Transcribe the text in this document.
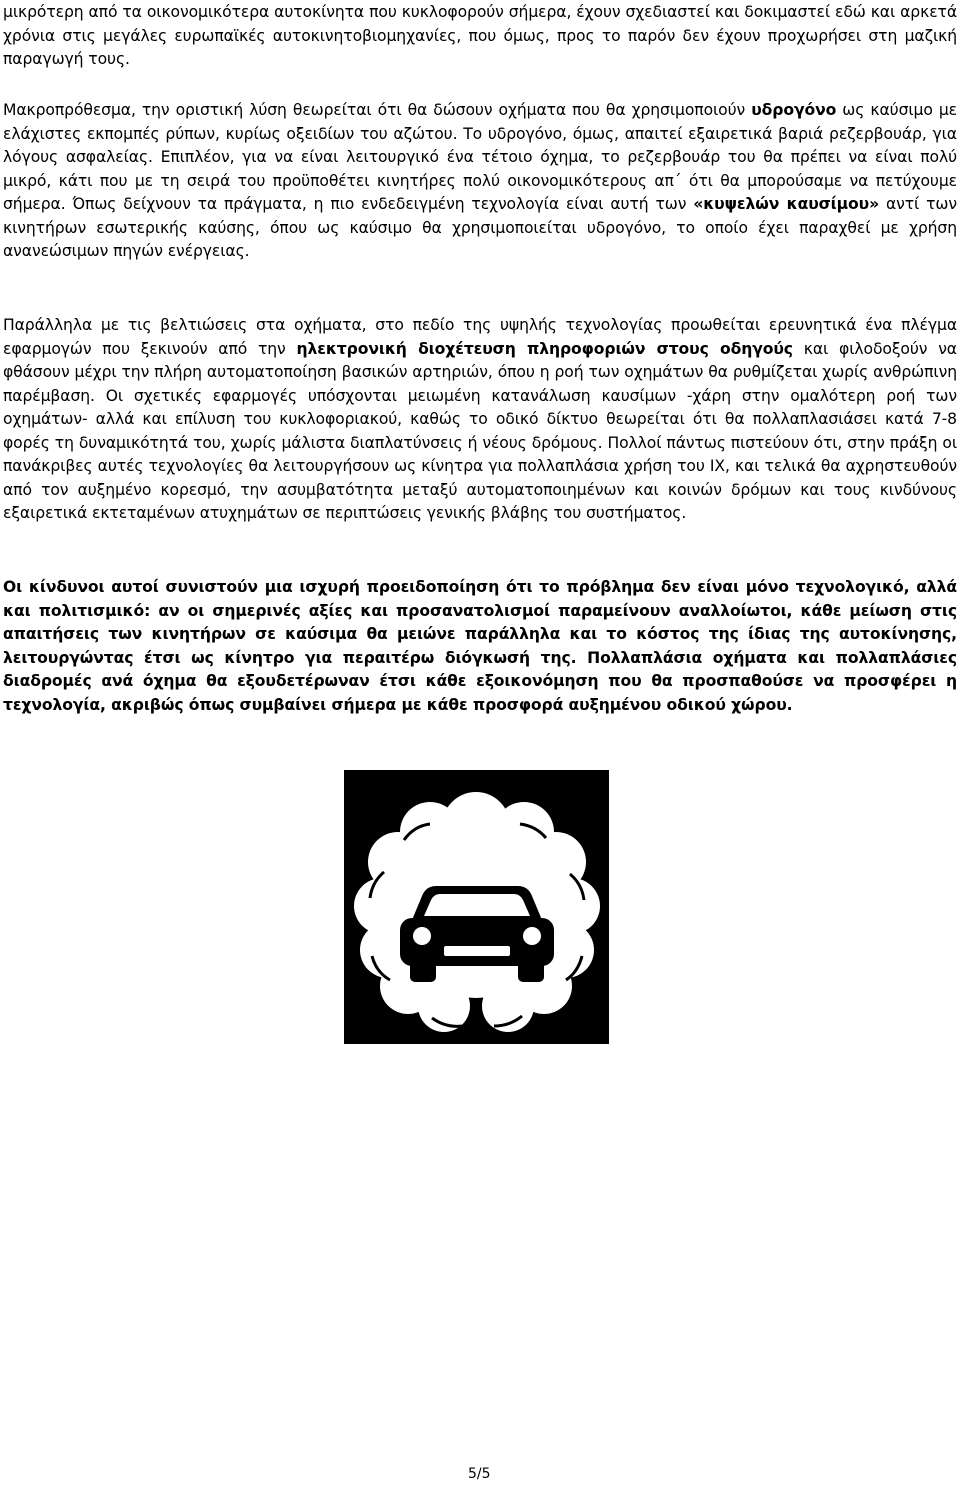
μικρότερη από τα οικονομικότερα αυτοκίνητα που κυκλοφορούν σήμερα, έχουν σχεδιαστεί και δοκιμαστεί εδώ και αρκετά χρόνια στις μεγάλες ευρωπαϊκές αυτοκινητοβιομηχανίες, που όμως, προς το παρόν δεν έχουν προχωρήσει στη μαζική παραγωγή τους.

Μακροπρόθεσμα, την οριστική λύση θεωρείται ότι θα δώσουν οχήματα που θα χρησιμοποιούν υδρογόνο ως καύσιμο με ελάχιστες εκπομπές ρύπων, κυρίως οξειδίων του αζώτου. Το υδρογόνο, όμως, απαιτεί εξαιρετικά βαριά ρεζερβουάρ, για λόγους ασφαλείας. Επιπλέον, για να είναι λειτουργικό ένα τέτοιο όχημα, το ρεζερβουάρ του θα πρέπει να είναι πολύ μικρό, κάτι που με τη σειρά του προϋποθέτει κινητήρες πολύ οικονομικότερους απ΄ ότι θα μπορούσαμε να πετύχουμε σήμερα. Όπως δείχνουν τα πράγματα, η πιο ενδεδειγμένη τεχνολογία είναι αυτή των «κυψελών καυσίμου» αντί των κινητήρων εσωτερικής καύσης, όπου ως καύσιμο θα χρησιμοποιείται υδρογόνο, το οποίο έχει παραχθεί με χρήση ανανεώσιμων πηγών ενέργειας.

Παράλληλα με τις βελτιώσεις στα οχήματα, στο πεδίο της υψηλής τεχνολογίας προωθείται ερευνητικά ένα πλέγμα εφαρμογών που ξεκινούν από την ηλεκτρονική διοχέτευση πληροφοριών στους οδηγούς και φιλοδοξούν να φθάσουν μέχρι την πλήρη αυτοματοποίηση βασικών αρτηριών, όπου η ροή των οχημάτων θα ρυθμίζεται χωρίς ανθρώπινη παρέμβαση. Οι σχετικές εφαρμογές υπόσχονται μειωμένη κατανάλωση καυσίμων -χάρη στην ομαλότερη ροή των οχημάτων- αλλά και επίλυση του κυκλοφοριακού, καθώς το οδικό δίκτυο θεωρείται ότι θα πολλαπλασιάσει κατά 7-8 φορές τη δυναμικότητά του, χωρίς μάλιστα διαπλατύνσεις ή νέους δρόμους. Πολλοί πάντως πιστεύουν ότι, στην πράξη οι πανάκριβες αυτές τεχνολογίες θα λειτουργήσουν ως κίνητρα για πολλαπλάσια χρήση του ΙΧ, και τελικά θα αχρηστευθούν από τον αυξημένο κορεσμό, την ασυμβατότητα μεταξύ αυτοματοποιημένων και κοινών δρόμων και τους κινδύνους εξαιρετικά εκτεταμένων ατυχημάτων σε περιπτώσεις γενικής βλάβης του συστήματος.

Οι κίνδυνοι αυτοί συνιστούν μια ισχυρή προειδοποίηση ότι το πρόβλημα δεν είναι μόνο τεχνολογικό, αλλά και πολιτισμικό: αν οι σημερινές αξίες και προσανατολισμοί παραμείνουν αναλλοίωτοι, κάθε μείωση στις απαιτήσεις των κινητήρων σε καύσιμα θα μειώνε παράλληλα και το κόστος της ίδιας της αυτοκίνησης, λειτουργώντας έτσι ως κίνητρο για περαιτέρω διόγκωσή της. Πολλαπλάσια οχήματα και πολλαπλάσιες διαδρομές ανά όχημα θα εξουδετέρωναν έτσι κάθε εξοικονόμηση που θα προσπαθούσε να προσφέρει η τεχνολογία, ακριβώς όπως συμβαίνει σήμερα με κάθε προσφορά αυξημένου οδικού χώρου.

5/5
